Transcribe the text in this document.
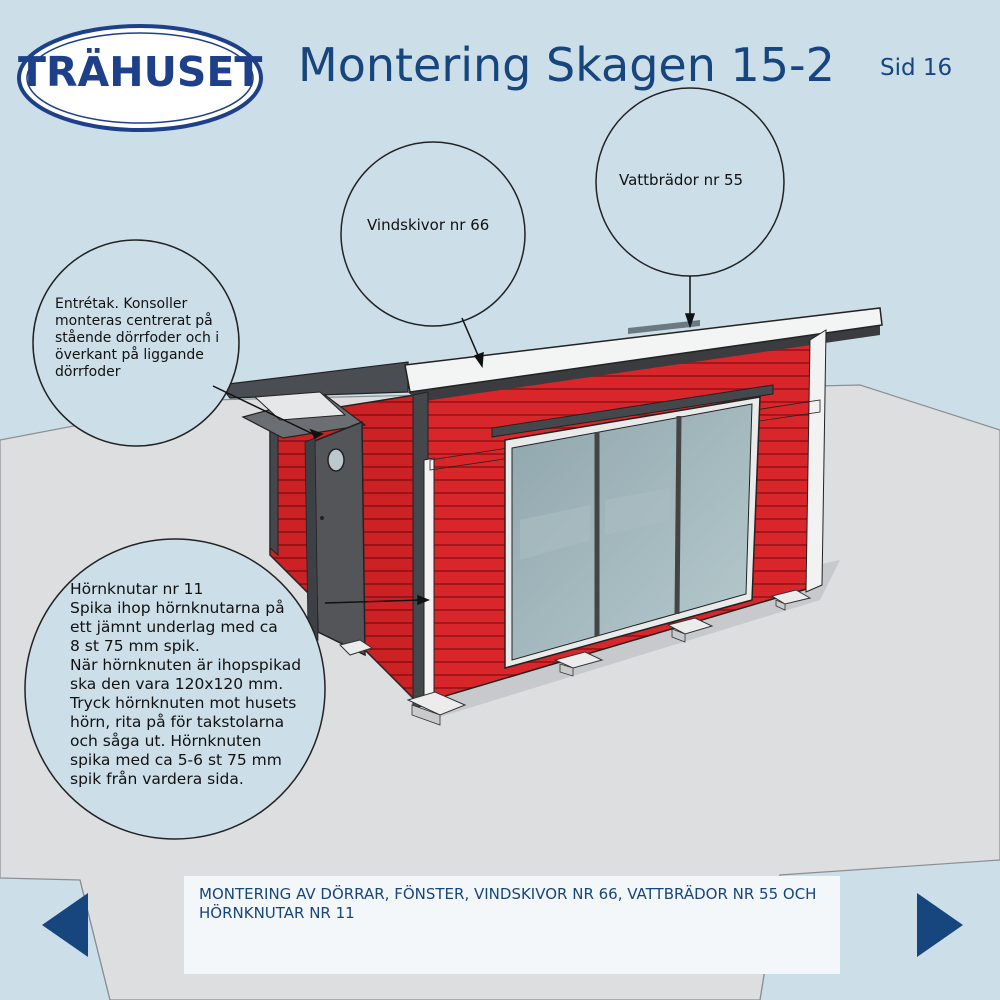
TRÄHUSET Montering Skagen 15-2 Sid 16
Vattbrädor nr 55
Vindskivor nr 66
Entrétak. Konsoller
monteras centrerat på
stående dörrfoder och i
överkant på liggande
dörrfoder
Hörnknutar nr 11
Spika ihop hörnknutarna på
ett jämnt underlag med ca
8 st 75 mm spik.
När hörnknuten är ihopspikad
ska den vara 120x120 mm.
Tryck hörnknuten mot husets
hörn, rita på för takstolarna
och såga ut. Hörnknuten
spika med ca 5-6 st 75 mm
spik från vardera sida.
MONTERING AV DÖRRAR, FÖNSTER, VINDSKIVOR NR 66, VATTBRÄDOR NR 55 OCH HÖRNKNUTAR NR 11
